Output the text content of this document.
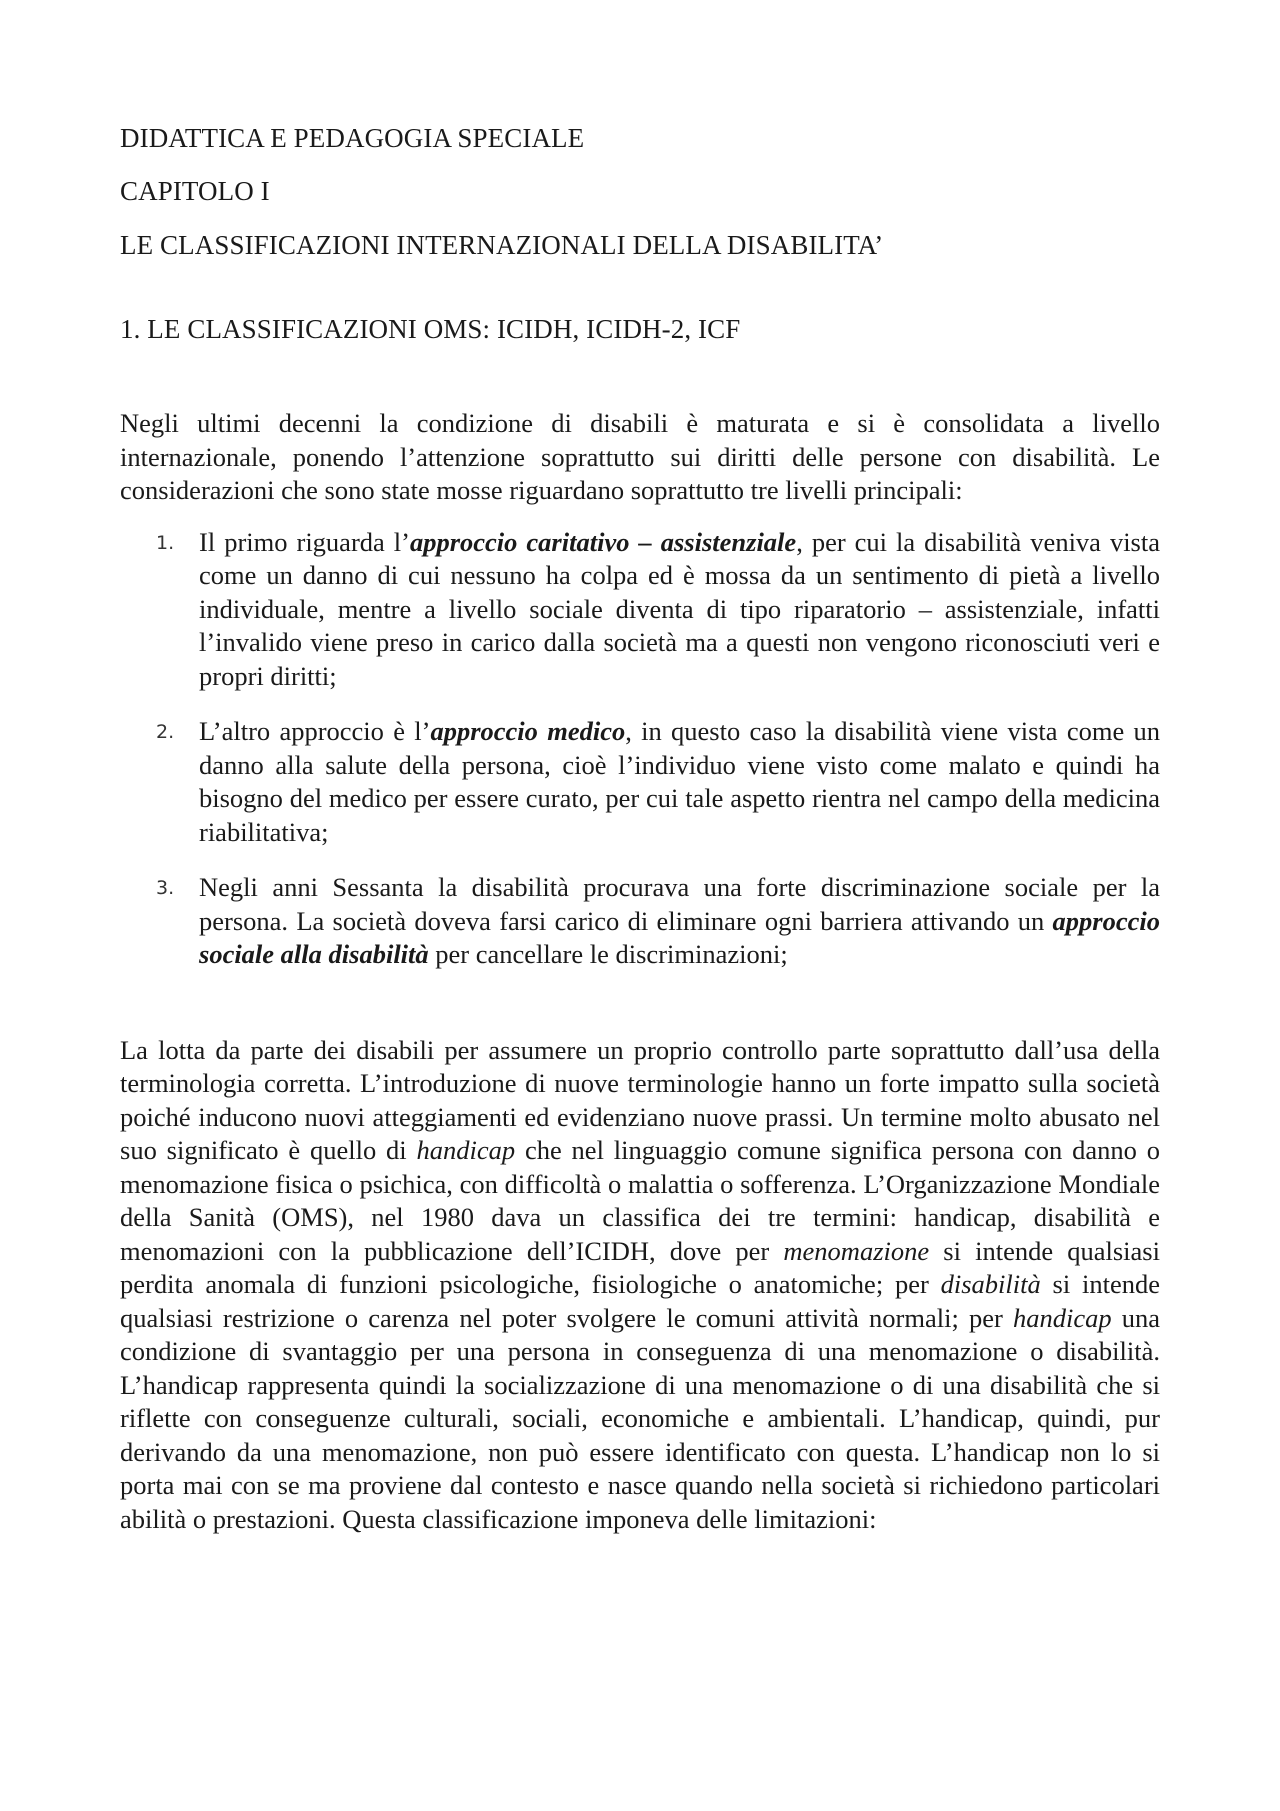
DIDATTICA E PEDAGOGIA SPECIALE

CAPITOLO I

LE CLASSIFICAZIONI INTERNAZIONALI DELLA DISABILITA’

1. LE CLASSIFICAZIONI OMS: ICIDH, ICIDH-2, ICF

Negli ultimi decenni la condizione di disabili è maturata e si è consolidata a livello internazionale, ponendo l’attenzione soprattutto sui diritti delle persone con disabilità. Le considerazioni che sono state mosse riguardano soprattutto tre livelli principali:

1. Il primo riguarda l’approccio caritativo – assistenziale, per cui la disabilità veniva vista come un danno di cui nessuno ha colpa ed è mossa da un sentimento di pietà a livello individuale, mentre a livello sociale diventa di tipo riparatorio – assistenziale, infatti l’invalido viene preso in carico dalla società ma a questi non vengono riconosciuti veri e propri diritti;
2. L’altro approccio è l’approccio medico, in questo caso la disabilità viene vista come un danno alla salute della persona, cioè l’individuo viene visto come malato e quindi ha bisogno del medico per essere curato, per cui tale aspetto rientra nel campo della medicina riabilitativa;
3. Negli anni Sessanta la disabilità procurava una forte discriminazione sociale per la persona. La società doveva farsi carico di eliminare ogni barriera attivando un approccio sociale alla disabilità per cancellare le discriminazioni;

La lotta da parte dei disabili per assumere un proprio controllo parte soprattutto dall’usa della terminologia corretta. L’introduzione di nuove terminologie hanno un forte impatto sulla società poiché inducono nuovi atteggiamenti ed evidenziano nuove prassi. Un termine molto abusato nel suo significato è quello di handicap che nel linguaggio comune significa persona con danno o menomazione fisica o psichica, con difficoltà o malattia o sofferenza. L’Organizzazione Mondiale della Sanità (OMS), nel 1980 dava un classifica dei tre termini: handicap, disabilità e menomazioni con la pubblicazione dell’ICIDH, dove per menomazione si intende qualsiasi perdita anomala di funzioni psicologiche, fisiologiche o anatomiche; per disabilità si intende qualsiasi restrizione o carenza nel poter svolgere le comuni attività normali; per handicap una condizione di svantaggio per una persona in conseguenza di una menomazione o disabilità. L’handicap rappresenta quindi la socializzazione di una menomazione o di una disabilità che si riflette con conseguenze culturali, sociali, economiche e ambientali. L’handicap, quindi, pur derivando da una menomazione, non può essere identificato con questa. L’handicap non lo si porta mai con se ma proviene dal contesto e nasce quando nella società si richiedono particolari abilità o prestazioni. Questa classificazione imponeva delle limitazioni:
